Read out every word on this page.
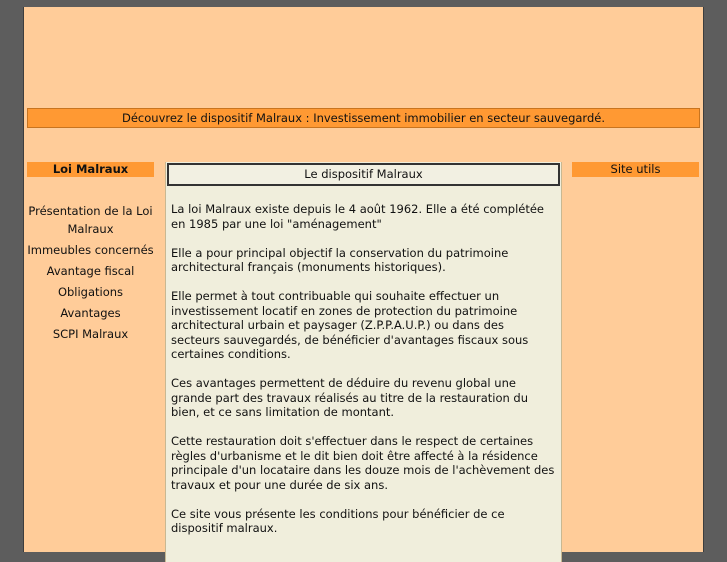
Découvrez le dispositif Malraux : Investissement immobilier en secteur sauvegardé.
Loi Malraux
Présentation de la Loi Malraux
Immeubles concernés
Avantage fiscal
Obligations
Avantages
SCPI Malraux
Site utils
Le dispositif Malraux

La loi Malraux existe depuis le 4 août 1962. Elle a été complétée en 1985 par une loi "aménagement"

Elle a pour principal objectif la conservation du patrimoine architectural français (monuments historiques).

Elle permet à tout contribuable qui souhaite effectuer un investissement locatif en zones de protection du patrimoine architectural urbain et paysager (Z.P.P.A.U.P.) ou dans des secteurs sauvegardés, de bénéficier d'avantages fiscaux sous certaines conditions.

Ces avantages permettent de déduire du revenu global une grande part des travaux réalisés au titre de la restauration du bien, et ce sans limitation de montant.

Cette restauration doit s'effectuer dans le respect de certaines règles d'urbanisme et le dit bien doit être affecté à la résidence principale d'un locataire dans les douze mois de l'achèvement des travaux et pour une durée de six ans.

Ce site vous présente les conditions pour bénéficier de ce dispositif malraux.
